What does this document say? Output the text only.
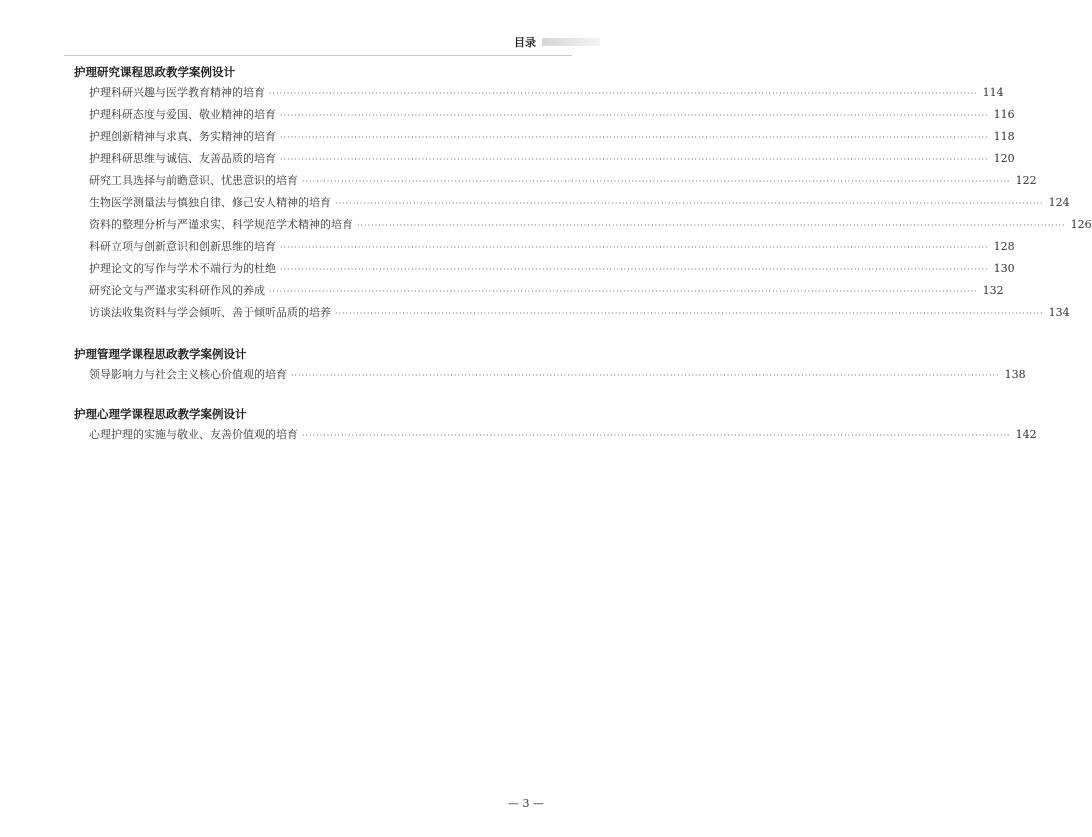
目录
护理研究课程思政教学案例设计
护理科研兴趣与医学教育精神的培育 ········································································································································································································ 114
护理科研态度与爱国、敬业精神的培育 ········································································································································································································ 116
护理创新精神与求真、务实精神的培育 ········································································································································································································ 118
护理科研思维与诚信、友善品质的培育 ········································································································································································································ 120
研究工具选择与前瞻意识、忧患意识的培育 ········································································································································································································ 122
生物医学测量法与慎独自律、修己安人精神的培育 ········································································································································································································ 124
资料的整理分析与严谨求实、科学规范学术精神的培育 ········································································································································································································ 126
科研立项与创新意识和创新思维的培育 ········································································································································································································ 128
护理论文的写作与学术不端行为的杜绝 ········································································································································································································ 130
研究论文与严谨求实科研作风的养成 ········································································································································································································ 132
访谈法收集资料与学会倾听、善于倾听品质的培养 ········································································································································································································ 134
护理管理学课程思政教学案例设计
领导影响力与社会主义核心价值观的培育 ········································································································································································································ 138
护理心理学课程思政教学案例设计
心理护理的实施与敬业、友善价值观的培育 ········································································································································································································ 142
— 3 —
